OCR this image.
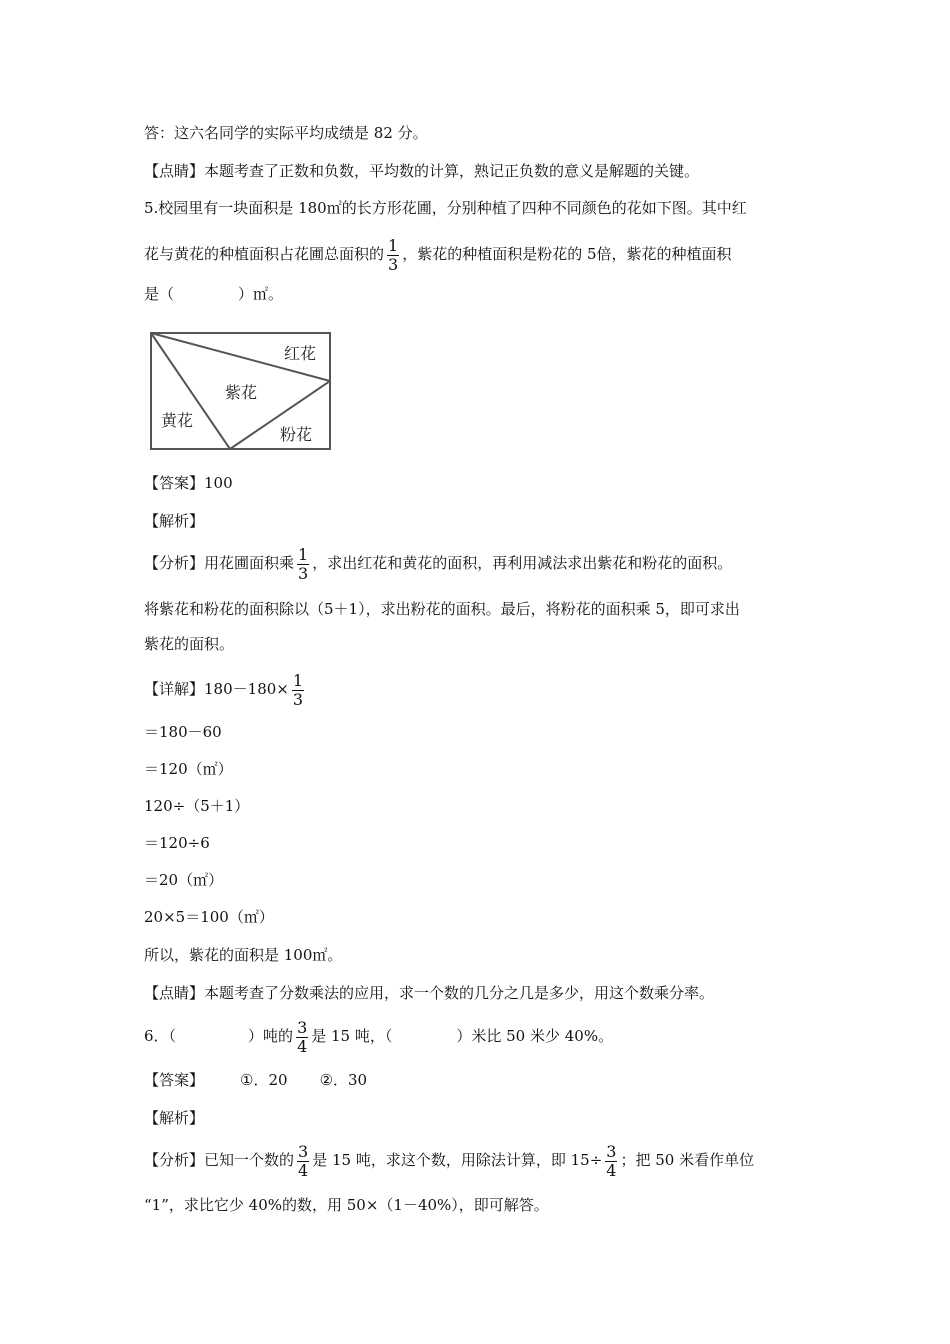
答：这六名同学的实际平均成绩是 82 分。
【点睛】本题考查了正数和负数，平均数的计算，熟记正负数的意义是解题的关键。
5.校园里有一块面积是 180㎡的长方形花圃，分别种植了四种不同颜色的花如下图。其中红
花与黄花的种植面积占花圃总面积的 $\frac{1}{3}$ ，紫花的种植面积是粉花的 5倍，紫花的种植面积
是（	）㎡。
红花
紫花
黄花
粉花
【答案】100
【解析】
【分析】用花圃面积乘 $\frac{1}{3}$ ，求出红花和黄花的面积，再利用减法求出紫花和粉花的面积。
将紫花和粉花的面积除以（5＋1），求出粉花的面积。最后，将粉花的面积乘 5，即可求出
紫花的面积。
【详解】$180-180\times \frac{1}{3}$
＝180－60
＝120（㎡）
120÷（5＋1）
＝120÷6
＝20（㎡）
20×5＝100（㎡）
所以，紫花的面积是 100㎡。
【点睛】本题考查了分数乘法的应用，求一个数的几分之几是多少，用这个数乘分率。
6．（	）吨的 $\frac{3}{4}$ 是 15 吨，（	）米比 50 米少 40%。
【答案】 ①．20 ②．30
【解析】
【分析】已知一个数的 $\frac{3}{4}$ 是 15 吨，求这个数，用除法计算，即 $15\div \frac{3}{4}$ ；把 50 米看作单位
“1”，求比它少 40%的数，用 50×（1－40%），即可解答。
